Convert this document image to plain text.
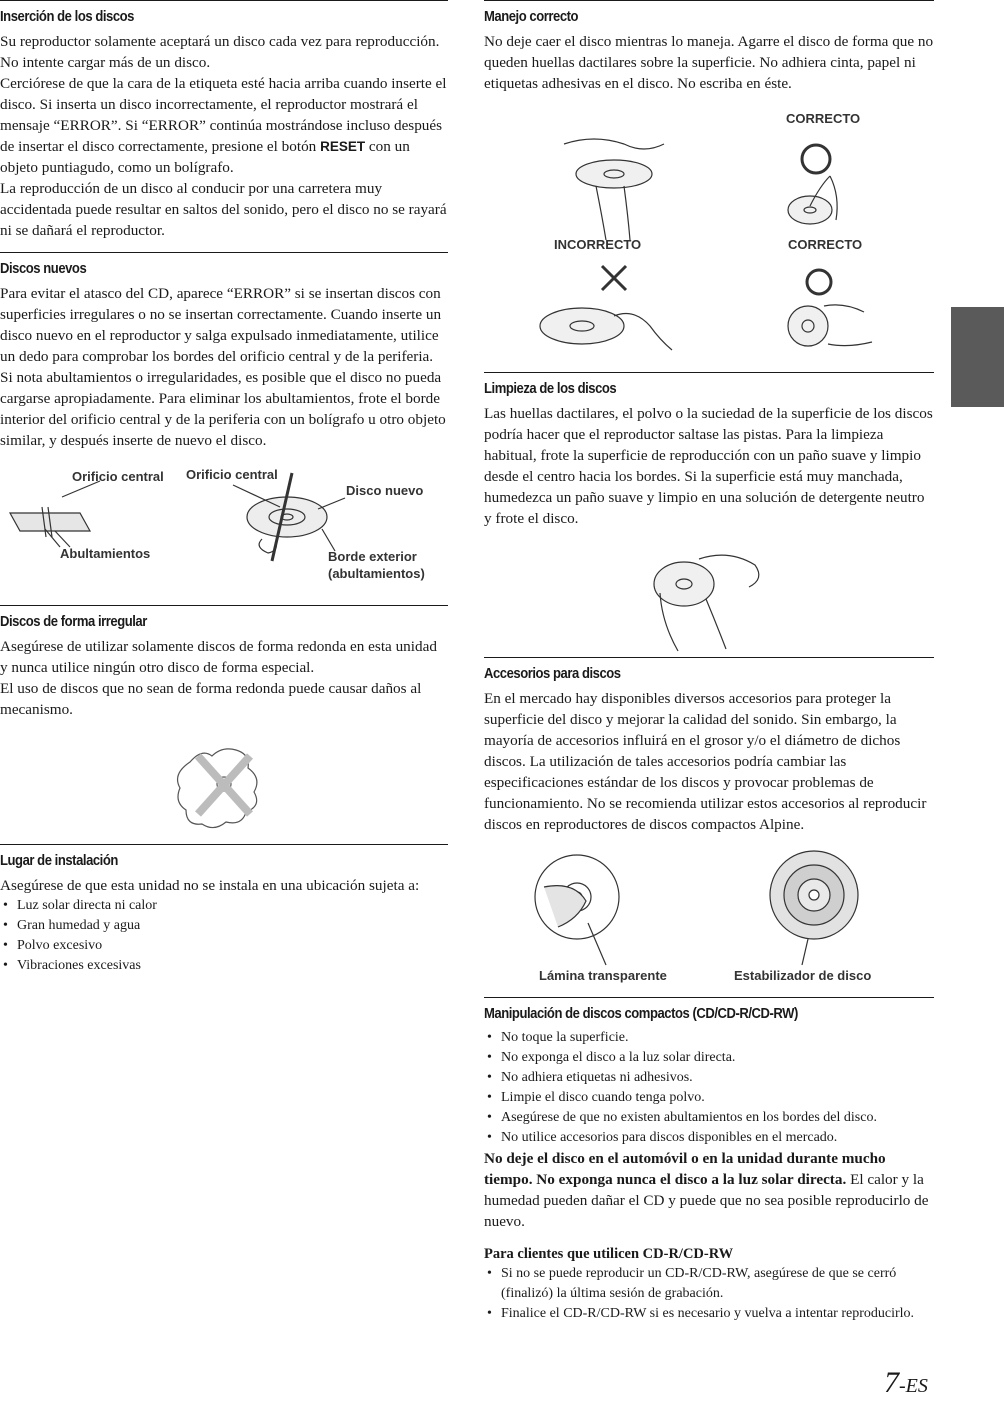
Inserción de los discos

Su reproductor solamente aceptará un disco cada vez para reproducción. No intente cargar más de un disco.

Cerciórese de que la cara de la etiqueta esté hacia arriba cuando inserte el disco. Si inserta un disco incorrectamente, el reproductor mostrará el mensaje “ERROR”. Si “ERROR” continúa mostrándose incluso después de insertar el disco correctamente, presione el botón RESET con un objeto puntiagudo, como un bolígrafo.

La reproducción de un disco al conducir por una carretera muy accidentada puede resultar en saltos del sonido, pero el disco no se rayará ni se dañará el reproductor.

Discos nuevos

Para evitar el atasco del CD, aparece “ERROR” si se insertan discos con superficies irregulares o no se insertan correctamente. Cuando inserte un disco nuevo en el reproductor y salga expulsado inmediatamente, utilice un dedo para comprobar los bordes del orificio central y de la periferia. Si nota abultamientos o irregularidades, es posible que el disco no pueda cargarse apropiadamente. Para eliminar los abultamientos, frote el borde interior del orificio central y de la periferia con un bolígrafo u otro objeto similar, y después inserte de nuevo el disco.

Orificio central Orificio central
Disco nuevo
Abultamientos	Borde exterior
(abultamientos)
Discos de forma irregular

Asegúrese de utilizar solamente discos de forma redonda en esta unidad y nunca utilice ningún otro disco de forma especial.

El uso de discos que no sean de forma redonda puede causar daños al mecanismo.

Lugar de instalación

Asegúrese de que esta unidad no se instala en una ubicación sujeta a:

• Luz solar directa ni calor
• Gran humedad y agua
• Polvo excesivo
• Vibraciones excesivas
Manejo correcto

No deje caer el disco mientras lo maneja. Agarre el disco de forma que no queden huellas dactilares sobre la superficie. No adhiera cinta, papel ni etiquetas adhesivas en el disco. No escriba en éste.

CORRECTO
INCORRECTO	CORRECTO
Limpieza de los discos

Las huellas dactilares, el polvo o la suciedad de la superficie de los discos podría hacer que el reproductor saltase las pistas. Para la limpieza habitual, frote la superficie de reproducción con un paño suave y limpio desde el centro hacia los bordes. Si la superficie está muy manchada, humedezca un paño suave y limpio en una solución de detergente neutro y frote el disco.

Accesorios para discos

En el mercado hay disponibles diversos accesorios para proteger la superficie del disco y mejorar la calidad del sonido. Sin embargo, la mayoría de accesorios influirá en el grosor y/o el diámetro de dichos discos. La utilización de tales accesorios podría cambiar las especificaciones estándar de los discos y provocar problemas de funcionamiento. No se recomienda utilizar estos accesorios al reproducir discos en reproductores de discos compactos Alpine.

Lámina transparente	Estabilizador de disco
Manipulación de discos compactos (CD/CD-R/CD-RW)
• No toque la superficie.
• No exponga el disco a la luz solar directa.
• No adhiera etiquetas ni adhesivos.
• Limpie el disco cuando tenga polvo.
• Asegúrese de que no existen abultamientos en los bordes del disco.
• No utilice accesorios para discos disponibles en el mercado.

No deje el disco en el automóvil o en la unidad durante mucho tiempo. No exponga nunca el disco a la luz solar directa. El calor y la humedad pueden dañar el CD y puede que no sea posible reproducirlo de nuevo.

Para clientes que utilicen CD-R/CD-RW

• Si no se puede reproducir un CD-R/CD-RW, asegúrese de que se cerró (finalizó) la última sesión de grabación.
• Finalice el CD-R/CD-RW si es necesario y vuelva a intentar reproducirlo.
7-ES
